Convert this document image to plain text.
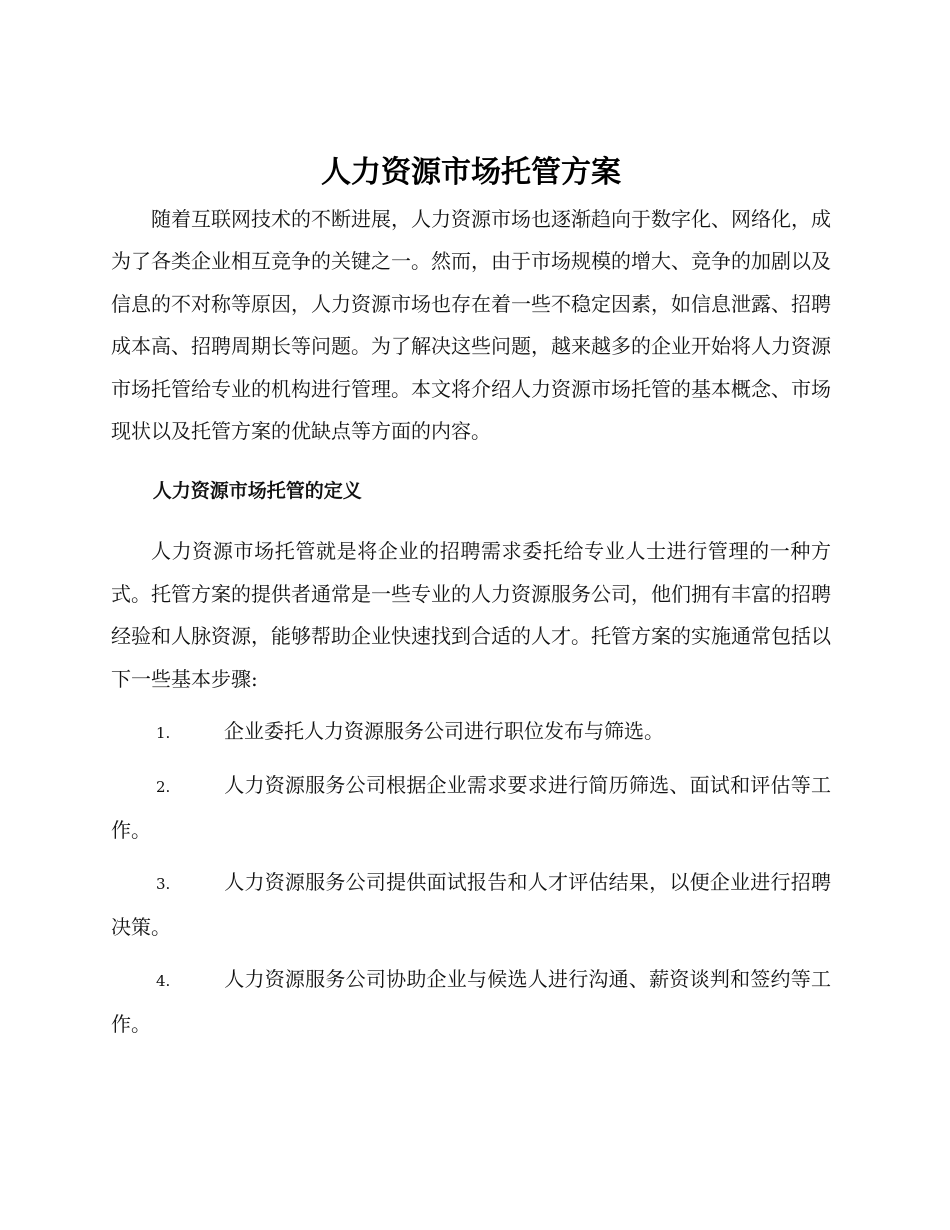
人力资源市场托管方案

随着互联网技术的不断进展，人力资源市场也逐渐趋向于数字化、网络化，成为了各类企业相互竞争的关键之一。然而，由于市场规模的增大、竞争的加剧以及信息的不对称等原因，人力资源市场也存在着一些不稳定因素，如信息泄露、招聘成本高、招聘周期长等问题。为了解决这些问题，越来越多的企业开始将人力资源市场托管给专业的机构进行管理。本文将介绍人力资源市场托管的基本概念、市场现状以及托管方案的优缺点等方面的内容。

人力资源市场托管的定义

人力资源市场托管就是将企业的招聘需求委托给专业人士进行管理的一种方式。托管方案的提供者通常是一些专业的人力资源服务公司，他们拥有丰富的招聘经验和人脉资源，能够帮助企业快速找到合适的人才。托管方案的实施通常包括以下一些基本步骤:

1.	企业委托人力资源服务公司进行职位发布与筛选。
2.	人力资源服务公司根据企业需求要求进行简历筛选、面试和评估等工作。
3.	人力资源服务公司提供面试报告和人才评估结果，以便企业进行招聘决策。
4.	人力资源服务公司协助企业与候选人进行沟通、薪资谈判和签约等工作。
